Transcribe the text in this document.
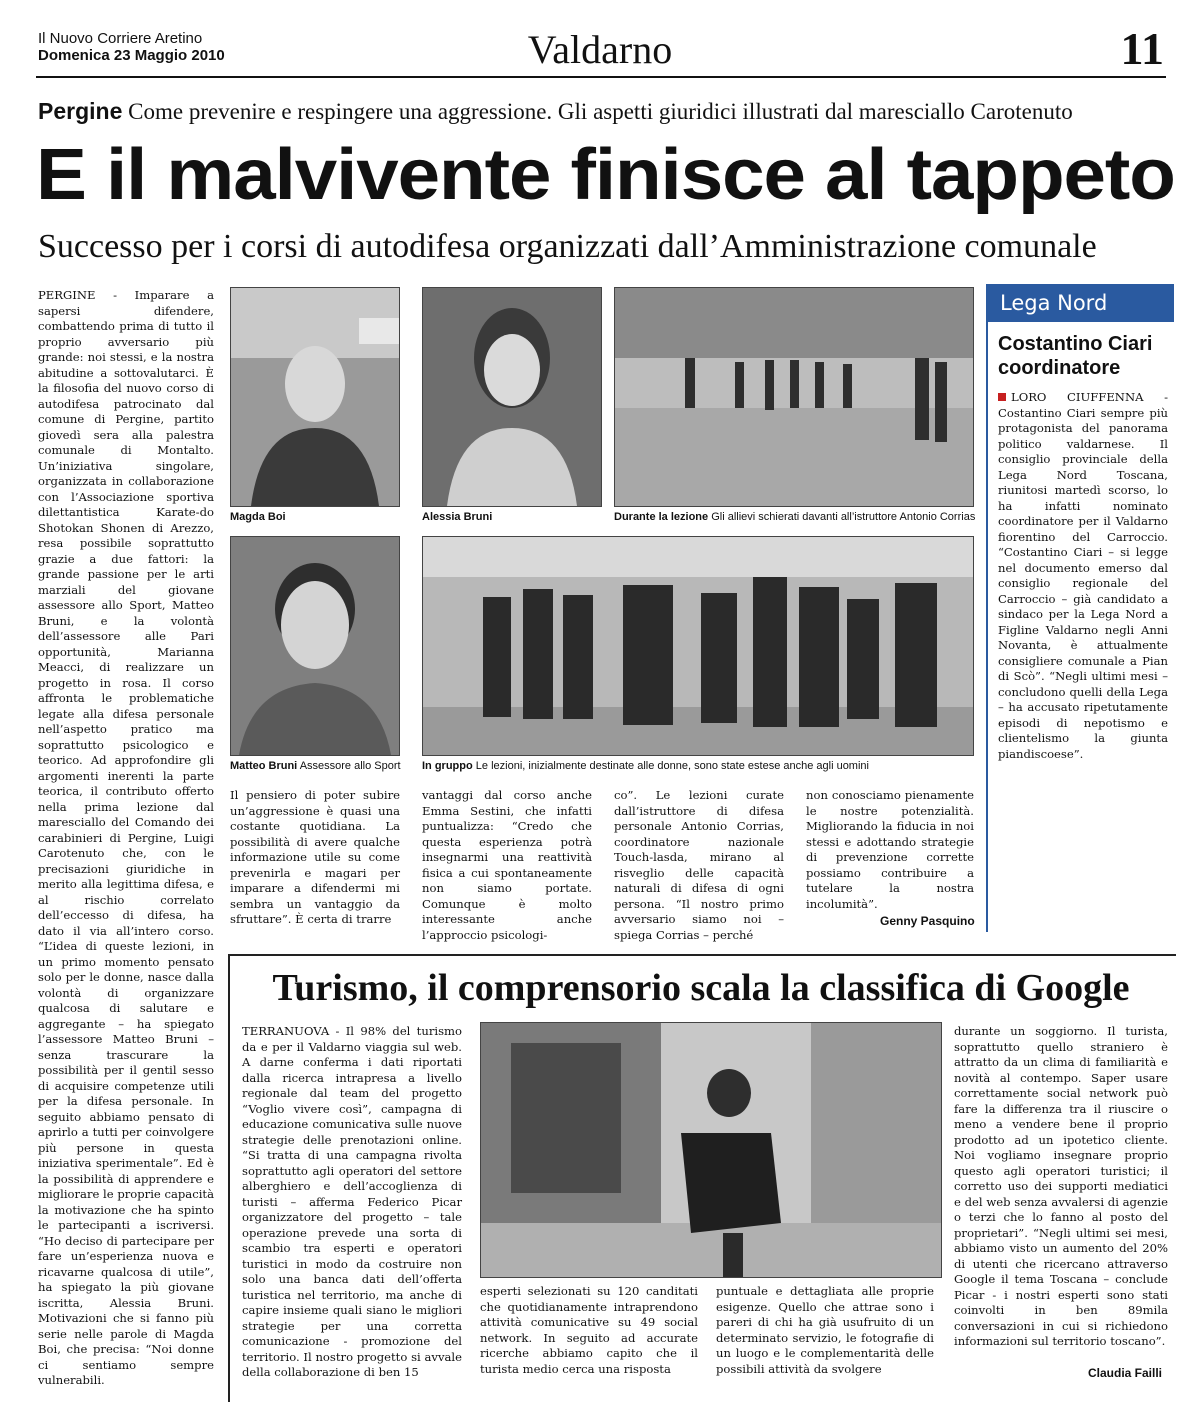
Il Nuovo Corriere Aretino
Domenica 23 Maggio 2010	Valdarno	11
Pergine Come prevenire e respingere una aggressione. Gli aspetti giuridici illustrati dal maresciallo Carotenuto
E il malvivente finisce al tappeto
Successo per i corsi di autodifesa organizzati dall’Amministrazione comunale
PERGINE - Imparare a sapersi difendere, combattendo prima di tutto il proprio avversario più grande: noi stessi, e la nostra abitudine a sottovalutarci. È la filosofia del nuovo corso di autodifesa patrocinato dal comune di Pergine, partito giovedì sera alla palestra comunale di Montalto. Un’iniziativa singolare, organizzata in collaborazione con l’Associazione sportiva dilettantistica Karate-do Shotokan Shonen di Arezzo, resa possibile soprattutto grazie a due fattori: la grande passione per le arti marziali del giovane assessore allo Sport, Matteo Bruni, e la volontà dell’assessore alle Pari opportunità, Marianna Meacci, di realizzare un progetto in rosa. Il corso affronta le problematiche legate alla difesa personale nell’aspetto pratico ma soprattutto psicologico e teorico. Ad approfondire gli argomenti inerenti la parte teorica, il contributo offerto nella prima lezione dal maresciallo del Comando dei carabinieri di Pergine, Luigi Carotenuto che, con le precisazioni giuridiche in merito alla legittima difesa, e al rischio correlato dell’eccesso di difesa, ha dato il via all’intero corso. “L’idea di queste lezioni, in un primo momento pensato solo per le donne, nasce dalla volontà di organizzare qualcosa di salutare e aggregante – ha spiegato l’assessore Matteo Bruni – senza trascurare la possibilità per il gentil sesso di acquisire competenze utili per la difesa personale. In seguito abbiamo pensato di aprirlo a tutti per coinvolgere più persone in questa iniziativa sperimentale”. Ed è la possibilità di apprendere e migliorare le proprie capacità la motivazione che ha spinto le partecipanti a iscriversi. “Ho deciso di partecipare per fare un’esperienza nuova e ricavarne qualcosa di utile”, ha spiegato la più giovane iscritta, Alessia Bruni. Motivazioni che si fanno più serie nelle parole di Magda Boi, che precisa: “Noi donne ci sentiamo sempre vulnerabili.
Magda Boi	Alessia Bruni	Durante la lezione Gli allievi schierati davanti all’istruttore Antonio Corrias
Matteo Bruni Assessore allo Sport In gruppo Le lezioni, inizialmente destinate alle donne, sono state estese anche agli uomini
Il pensiero di poter subire un’aggressione è quasi una costante quotidiana. La possibilità di avere qualche informazione utile su come prevenirla e magari per imparare a difendermi mi sembra un vantaggio da sfruttare”. È certa di trarre
vantaggi dal corso anche Emma Sestini, che infatti puntualizza: “Credo che questa esperienza potrà insegnarmi una reattività fisica a cui spontaneamente non siamo portate. Comunque è molto interessante anche l’approccio psicologi-
co”. Le lezioni curate dall’istruttore di difesa personale Antonio Corrias, coordinatore nazionale Touch-lasda, mirano al risveglio delle capacità naturali di difesa di ogni persona. “Il nostro primo avversario siamo noi – spiega Corrias – perché
non conosciamo pienamente le nostre potenzialità. Migliorando la fiducia in noi stessi e adottando strategie di prevenzione corrette possiamo contribuire a tutelare la nostra incolumità”.
Genny Pasquino
Lega Nord
Costantino Ciari coordinatore
LORO CIUFFENNA - Costantino Ciari sempre più protagonista del panorama politico valdarnese. Il consiglio provinciale della Lega Nord Toscana, riunitosi martedì scorso, lo ha infatti nominato coordinatore per il Valdarno fiorentino del Carroccio. “Costantino Ciari – si legge nel documento emerso dal consiglio regionale del Carroccio – già candidato a sindaco per la Lega Nord a Figline Valdarno negli Anni Novanta, è attualmente consigliere comunale a Pian di Scò”. “Negli ultimi mesi – concludono quelli della Lega – ha accusato ripetutamente episodi di nepotismo e clientelismo la giunta piandiscoese”.
Turismo, il comprensorio scala la classifica di Google
TERRANUOVA - Il 98% del turismo da e per il Valdarno viaggia sul web. A darne conferma i dati riportati dalla ricerca intrapresa a livello regionale dal team del progetto “Voglio vivere così”, campagna di educazione comunicativa sulle nuove strategie delle prenotazioni online. “Si tratta di una campagna rivolta soprattutto agli operatori del settore alberghiero e dell’accoglienza di turisti – afferma Federico Picar organizzatore del progetto – tale operazione prevede una sorta di scambio tra esperti e operatori turistici in modo da costruire non solo una banca dati dell’offerta turistica nel territorio, ma anche di capire insieme quali siano le migliori strategie per una corretta comunicazione - promozione del territorio. Il nostro progetto si avvale della collaborazione di ben 15
esperti selezionati su 120 canditati che quotidianamente intraprendono attività comunicative su 49 social network. In seguito ad accurate ricerche abbiamo capito che il turista medio cerca una risposta
puntuale e dettagliata alle proprie esigenze. Quello che attrae sono i pareri di chi ha già usufruito di un determinato servizio, le fotografie di un luogo e le complementarità delle possibili attività da svolgere
durante un soggiorno. Il turista, soprattutto quello straniero è attratto da un clima di familiarità e novità al contempo. Saper usare correttamente social network può fare la differenza tra il riuscire o meno a vendere bene il proprio prodotto ad un ipotetico cliente. Noi vogliamo insegnare proprio questo agli operatori turistici; il corretto uso dei supporti mediatici e del web senza avvalersi di agenzie o terzi che lo fanno al posto del proprietari”. “Negli ultimi sei mesi, abbiamo visto un aumento del 20% di utenti che ricercano attraverso Google il tema Toscana – conclude Picar - i nostri esperti sono stati coinvolti in ben 89mila conversazioni in cui si richiedono informazioni sul territorio toscano”.
Claudia Failli
